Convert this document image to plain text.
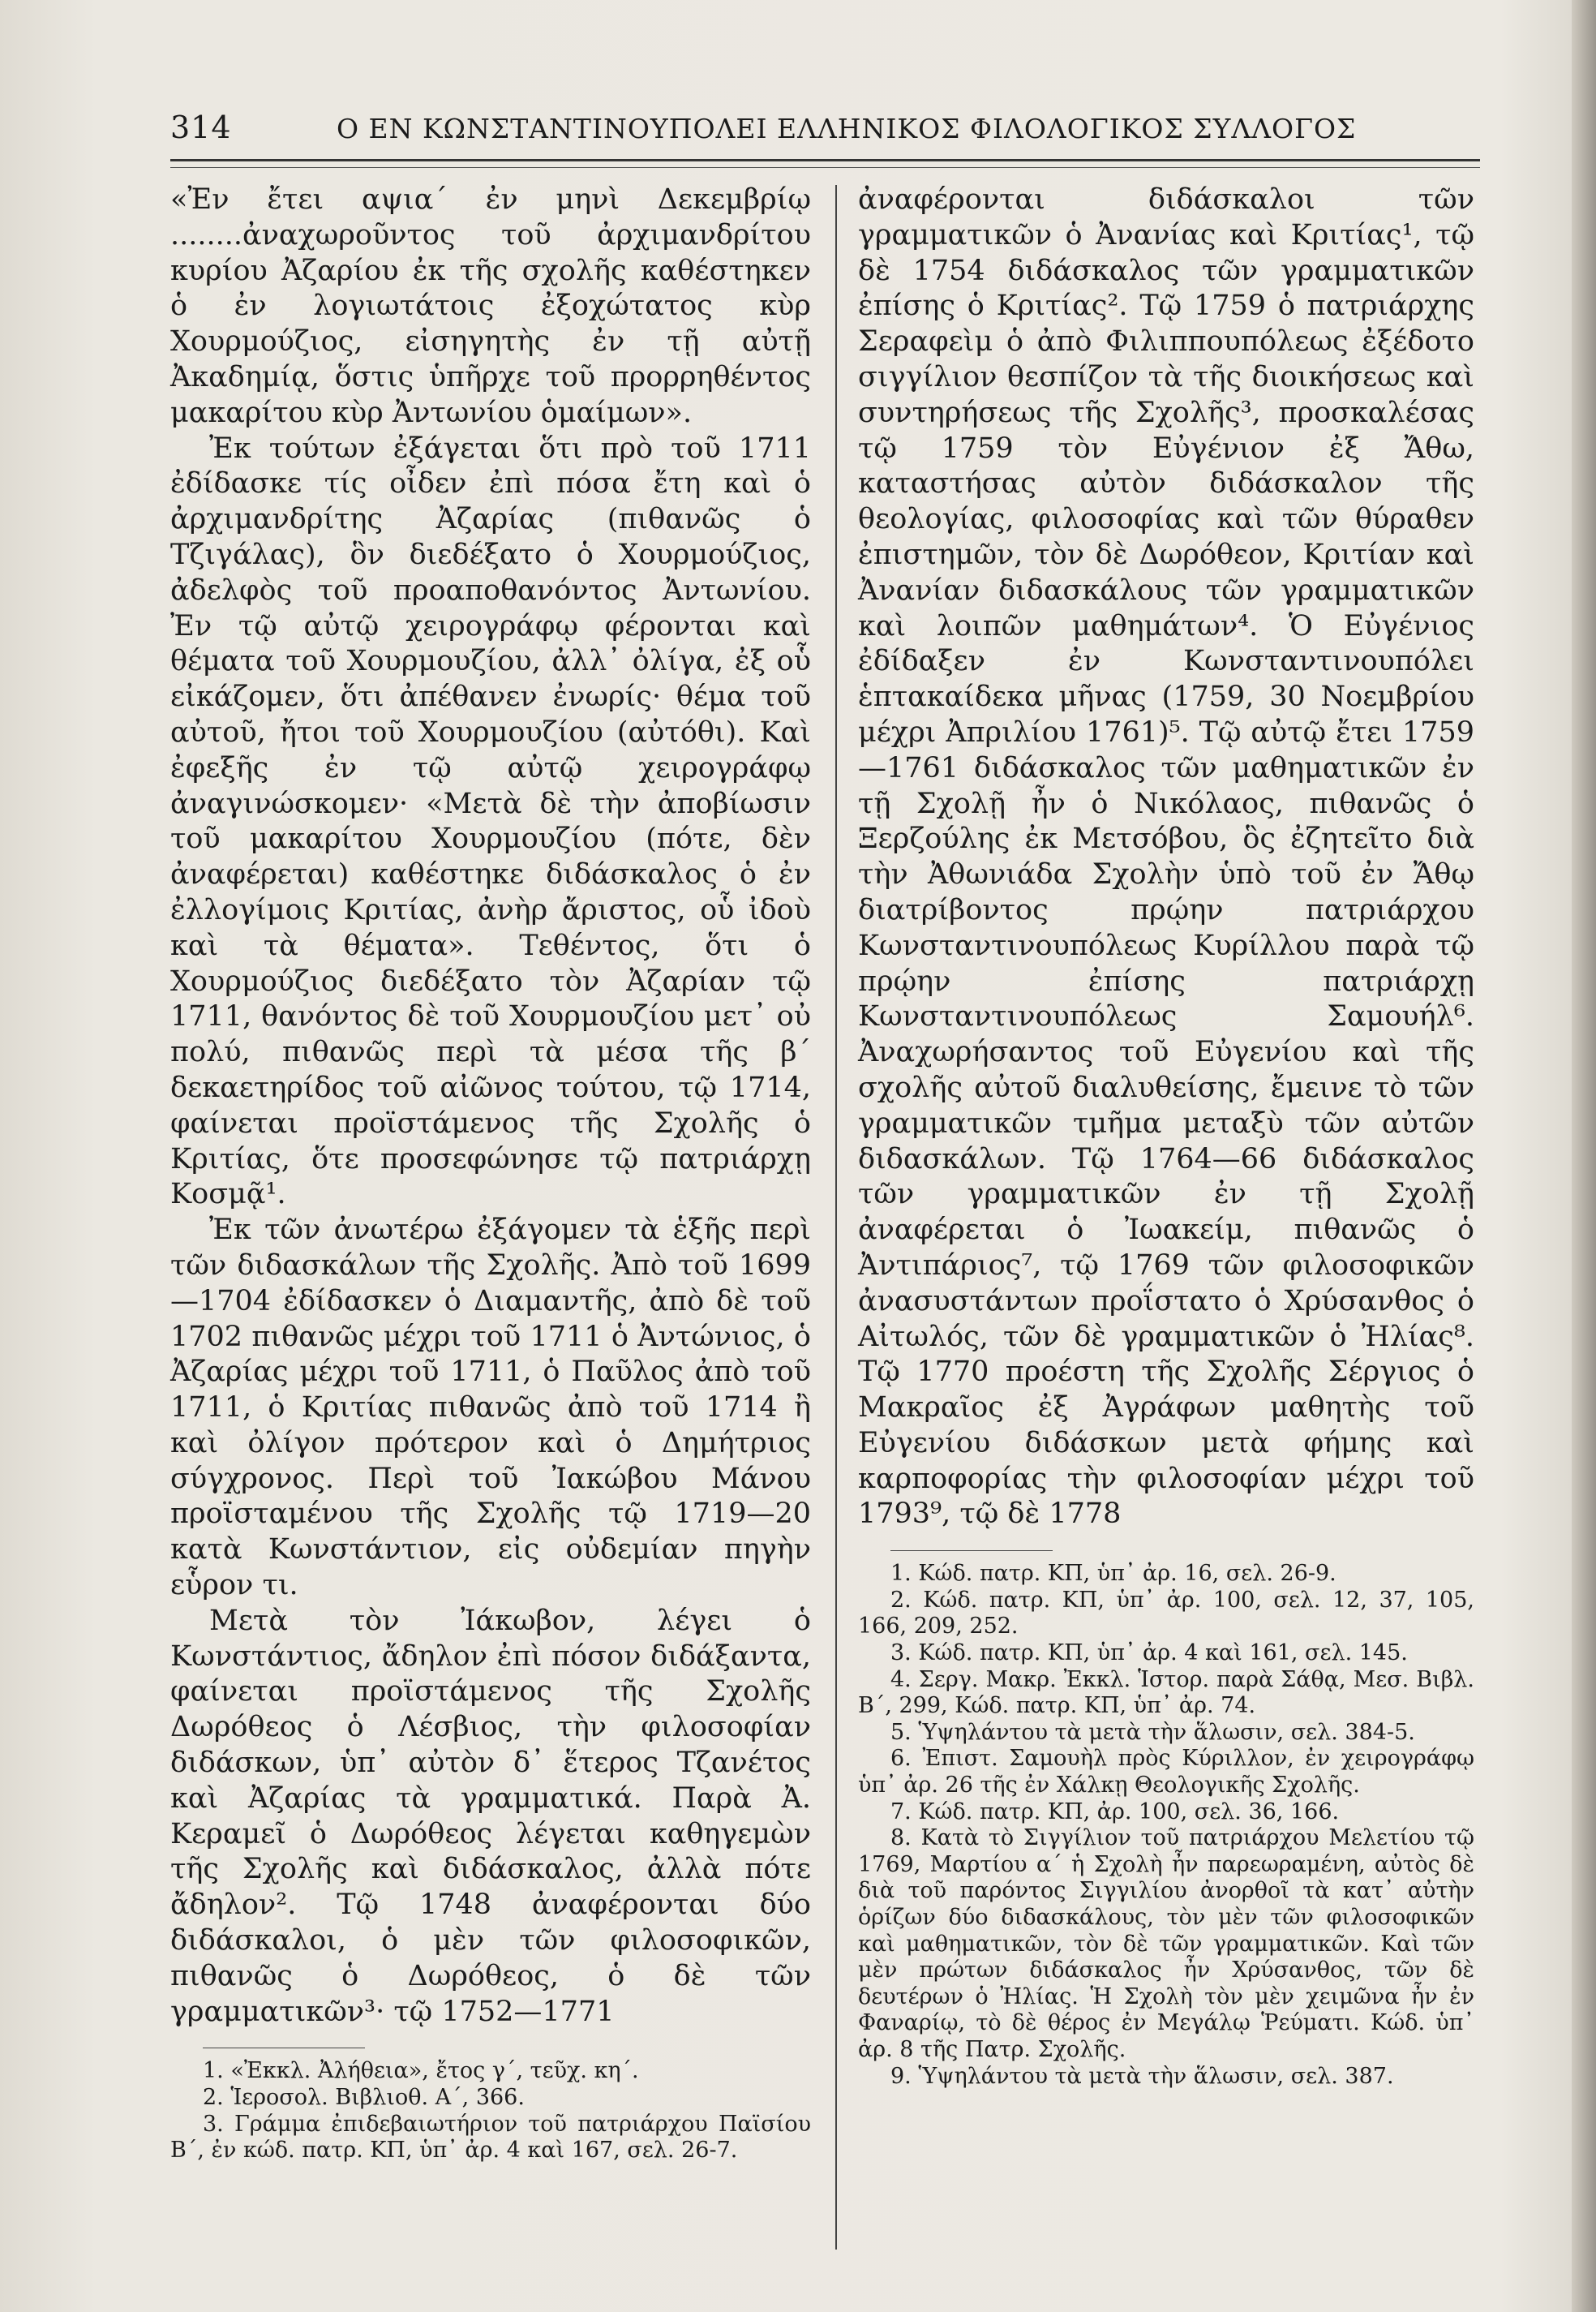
314	Ο ΕΝ ΚΩΝΣΤΑΝΤΙΝΟΥΠΟΛΕΙ ΕΛΛΗΝΙΚΟΣ ΦΙΛΟΛΟΓΙΚΟΣ ΣΥΛΛΟΓΟΣ

«Ἐν ἔτει αψια´ ἐν μηνὶ Δεκεμβρίῳ ........ἀναχωροῦντος τοῦ ἀρχιμανδρίτου κυρίου Ἀζαρίου ἐκ τῆς σχολῆς καθέστηκεν ὁ ἐν λογιωτάτοις ἐξοχώτατος κὺρ Χουρμούζιος, εἰσηγητὴς ἐν τῇ αὐτῇ Ἀκαδημίᾳ, ὅστις ὑπῆρχε τοῦ προρρηθέντος μακαρίτου κὺρ Ἀντωνίου ὁμαίμων».

Ἐκ τούτων ἐξάγεται ὅτι πρὸ τοῦ 1711 ἐδίδασκε τίς οἶδεν ἐπὶ πόσα ἔτη καὶ ὁ ἀρχιμανδρίτης Ἀζαρίας (πιθανῶς ὁ Τζιγάλας), ὃν διεδέξατο ὁ Χουρμούζιος, ἀδελφὸς τοῦ προαποθανόντος Ἀντωνίου. Ἐν τῷ αὐτῷ χειρογράφῳ φέρονται καὶ θέματα τοῦ Χουρμουζίου, ἀλλ᾽ ὀλίγα, ἐξ οὗ εἰκάζομεν, ὅτι ἀπέθανεν ἐνωρίς· θέμα τοῦ αὐτοῦ, ἤτοι τοῦ Χουρμουζίου (αὐτόθι). Καὶ ἐφεξῆς ἐν τῷ αὐτῷ χειρογράφῳ ἀναγινώσκομεν· «Μετὰ δὲ τὴν ἀποβίωσιν τοῦ μακαρίτου Χουρμουζίου (πότε, δὲν ἀναφέρεται) καθέστηκε διδάσκαλος ὁ ἐν ἐλλογίμοις Κριτίας, ἀνὴρ ἄριστος, οὗ ἰδοὺ καὶ τὰ θέματα». Τεθέντος, ὅτι ὁ Χουρμούζιος διεδέξατο τὸν Ἀζαρίαν τῷ 1711, θανόντος δὲ τοῦ Χουρμουζίου μετ᾽ οὐ πολύ, πιθανῶς περὶ τὰ μέσα τῆς β´ δεκαετηρίδος τοῦ αἰῶνος τούτου, τῷ 1714, φαίνεται προϊστάμενος τῆς Σχολῆς ὁ Κριτίας, ὅτε προσεφώνησε τῷ πατριάρχῃ Κοσμᾷ¹.

Ἐκ τῶν ἀνωτέρω ἐξάγομεν τὰ ἑξῆς περὶ τῶν διδασκάλων τῆς Σχολῆς. Ἀπὸ τοῦ 1699—1704 ἐδίδασκεν ὁ Διαμαντῆς, ἀπὸ δὲ τοῦ 1702 πιθανῶς μέχρι τοῦ 1711 ὁ Ἀντώνιος, ὁ Ἀζαρίας μέχρι τοῦ 1711, ὁ Παῦλος ἀπὸ τοῦ 1711, ὁ Κριτίας πιθανῶς ἀπὸ τοῦ 1714 ἢ καὶ ὀλίγον πρότερον καὶ ὁ Δημήτριος σύγχρονος. Περὶ τοῦ Ἰακώβου Μάνου προϊσταμένου τῆς Σχολῆς τῷ 1719—20 κατὰ Κωνστάντιον, εἰς οὐδεμίαν πηγὴν εὗρον τι.

Μετὰ τὸν Ἰάκωβον, λέγει ὁ Κωνστάντιος, ἄδηλον ἐπὶ πόσον διδάξαντα, φαίνεται προϊστάμενος τῆς Σχολῆς Δωρόθεος ὁ Λέσβιος, τὴν φιλοσοφίαν διδάσκων, ὑπ᾽ αὐτὸν δ᾽ ἕτερος Τζανέτος καὶ Ἀζαρίας τὰ γραμματικά. Παρὰ Ἀ. Κεραμεῖ ὁ Δωρόθεος λέγεται καθηγεμὼν τῆς Σχολῆς καὶ διδάσκαλος, ἀλλὰ πότε ἄδηλον². Τῷ 1748 ἀναφέρονται δύο διδάσκαλοι, ὁ μὲν τῶν φιλοσοφικῶν, πιθανῶς ὁ Δωρόθεος, ὁ δὲ τῶν γραμματικῶν³· τῷ 1752—1771

1. «Ἐκκλ. Ἀλήθεια», ἔτος γ´, τεῦχ. κη´.
2. Ἱεροσολ. Βιβλιοθ. Α´, 366.
3. Γράμμα ἐπιδεβαιωτήριον τοῦ πατριάρχου Παϊσίου Β´, ἐν κώδ. πατρ. ΚΠ, ὑπ᾽ ἀρ. 4 καὶ 167, σελ. 26-7.

ἀναφέρονται διδάσκαλοι τῶν γραμματικῶν ὁ Ἀνανίας καὶ Κριτίας¹, τῷ δὲ 1754 διδάσκαλος τῶν γραμματικῶν ἐπίσης ὁ Κριτίας². Τῷ 1759 ὁ πατριάρχης Σεραφεὶμ ὁ ἀπὸ Φιλιππουπόλεως ἐξέδοτο σιγγίλιον θεσπίζον τὰ τῆς διοικήσεως καὶ συντηρήσεως τῆς Σχολῆς³, προσκαλέσας τῷ 1759 τὸν Εὐγένιον ἐξ Ἄθω, καταστήσας αὐτὸν διδάσκαλον τῆς θεολογίας, φιλοσοφίας καὶ τῶν θύραθεν ἐπιστημῶν, τὸν δὲ Δωρόθεον, Κριτίαν καὶ Ἀνανίαν διδασκάλους τῶν γραμματικῶν καὶ λοιπῶν μαθημάτων⁴. Ὁ Εὐγένιος ἐδίδαξεν ἐν Κωνσταντινουπόλει ἑπτακαίδεκα μῆνας (1759, 30 Νοεμβρίου μέχρι Ἀπριλίου 1761)⁵. Τῷ αὐτῷ ἔτει 1759—1761 διδάσκαλος τῶν μαθηματικῶν ἐν τῇ Σχολῇ ἦν ὁ Νικόλαος, πιθανῶς ὁ Ξερζούλης ἐκ Μετσόβου, ὃς ἐζητεῖτο διὰ τὴν Ἀθωνιάδα Σχολὴν ὑπὸ τοῦ ἐν Ἄθῳ διατρίβοντος πρῴην πατριάρχου Κωνσταντινουπόλεως Κυρίλλου παρὰ τῷ πρῴην ἐπίσης πατριάρχῃ Κωνσταντινουπόλεως Σαμουήλ⁶. Ἀναχωρήσαντος τοῦ Εὐγενίου καὶ τῆς σχολῆς αὐτοῦ διαλυθείσης, ἔμεινε τὸ τῶν γραμματικῶν τμῆμα μεταξὺ τῶν αὐτῶν διδασκάλων. Τῷ 1764—66 διδάσκαλος τῶν γραμματικῶν ἐν τῇ Σχολῇ ἀναφέρεται ὁ Ἰωακείμ, πιθανῶς ὁ Ἀντιπάριος⁷, τῷ 1769 τῶν φιλοσοφικῶν ἀνασυστάντων προΐστατο ὁ Χρύσανθος ὁ Αἰτωλός, τῶν δὲ γραμματικῶν ὁ Ἠλίας⁸. Τῷ 1770 προέστη τῆς Σχολῆς Σέργιος ὁ Μακραῖος ἐξ Ἀγράφων μαθητὴς τοῦ Εὐγενίου διδάσκων μετὰ φήμης καὶ καρποφορίας τὴν φιλοσοφίαν μέχρι τοῦ 1793⁹, τῷ δὲ 1778

1. Κώδ. πατρ. ΚΠ, ὑπ᾽ ἀρ. 16, σελ. 26-9.
2. Κώδ. πατρ. ΚΠ, ὑπ᾽ ἀρ. 100, σελ. 12, 37, 105, 166, 209, 252.
3. Κώδ. πατρ. ΚΠ, ὑπ᾽ ἀρ. 4 καὶ 161, σελ. 145.
4. Σεργ. Μακρ. Ἐκκλ. Ἱστορ. παρὰ Σάθᾳ, Μεσ. Βιβλ. Β´, 299, Κώδ. πατρ. ΚΠ, ὑπ᾽ ἀρ. 74.
5. Ὑψηλάντου τὰ μετὰ τὴν ἅλωσιν, σελ. 384-5.
6. Ἐπιστ. Σαμουὴλ πρὸς Κύριλλον, ἐν χειρογράφῳ ὑπ᾽ ἀρ. 26 τῆς ἐν Χάλκῃ Θεολογικῆς Σχολῆς.
7. Κώδ. πατρ. ΚΠ, ἀρ. 100, σελ. 36, 166.
8. Κατὰ τὸ Σιγγίλιον τοῦ πατριάρχου Μελετίου τῷ 1769, Μαρτίου α´ ἡ Σχολὴ ἦν παρεωραμένη, αὐτὸς δὲ διὰ τοῦ παρόντος Σιγγιλίου ἀνορθοῖ τὰ κατ᾽ αὐτὴν ὁρίζων δύο διδασκάλους, τὸν μὲν τῶν φιλοσοφικῶν καὶ μαθηματικῶν, τὸν δὲ τῶν γραμματικῶν. Καὶ τῶν μὲν πρώτων διδάσκαλος ἦν Χρύσανθος, τῶν δὲ δευτέρων ὁ Ἠλίας. Ἡ Σχολὴ τὸν μὲν χειμῶνα ἦν ἐν Φαναρίῳ, τὸ δὲ θέρος ἐν Μεγάλῳ Ῥεύματι. Κώδ. ὑπ᾽ ἀρ. 8 τῆς Πατρ. Σχολῆς.
9. Ὑψηλάντου τὰ μετὰ τὴν ἅλωσιν, σελ. 387.
